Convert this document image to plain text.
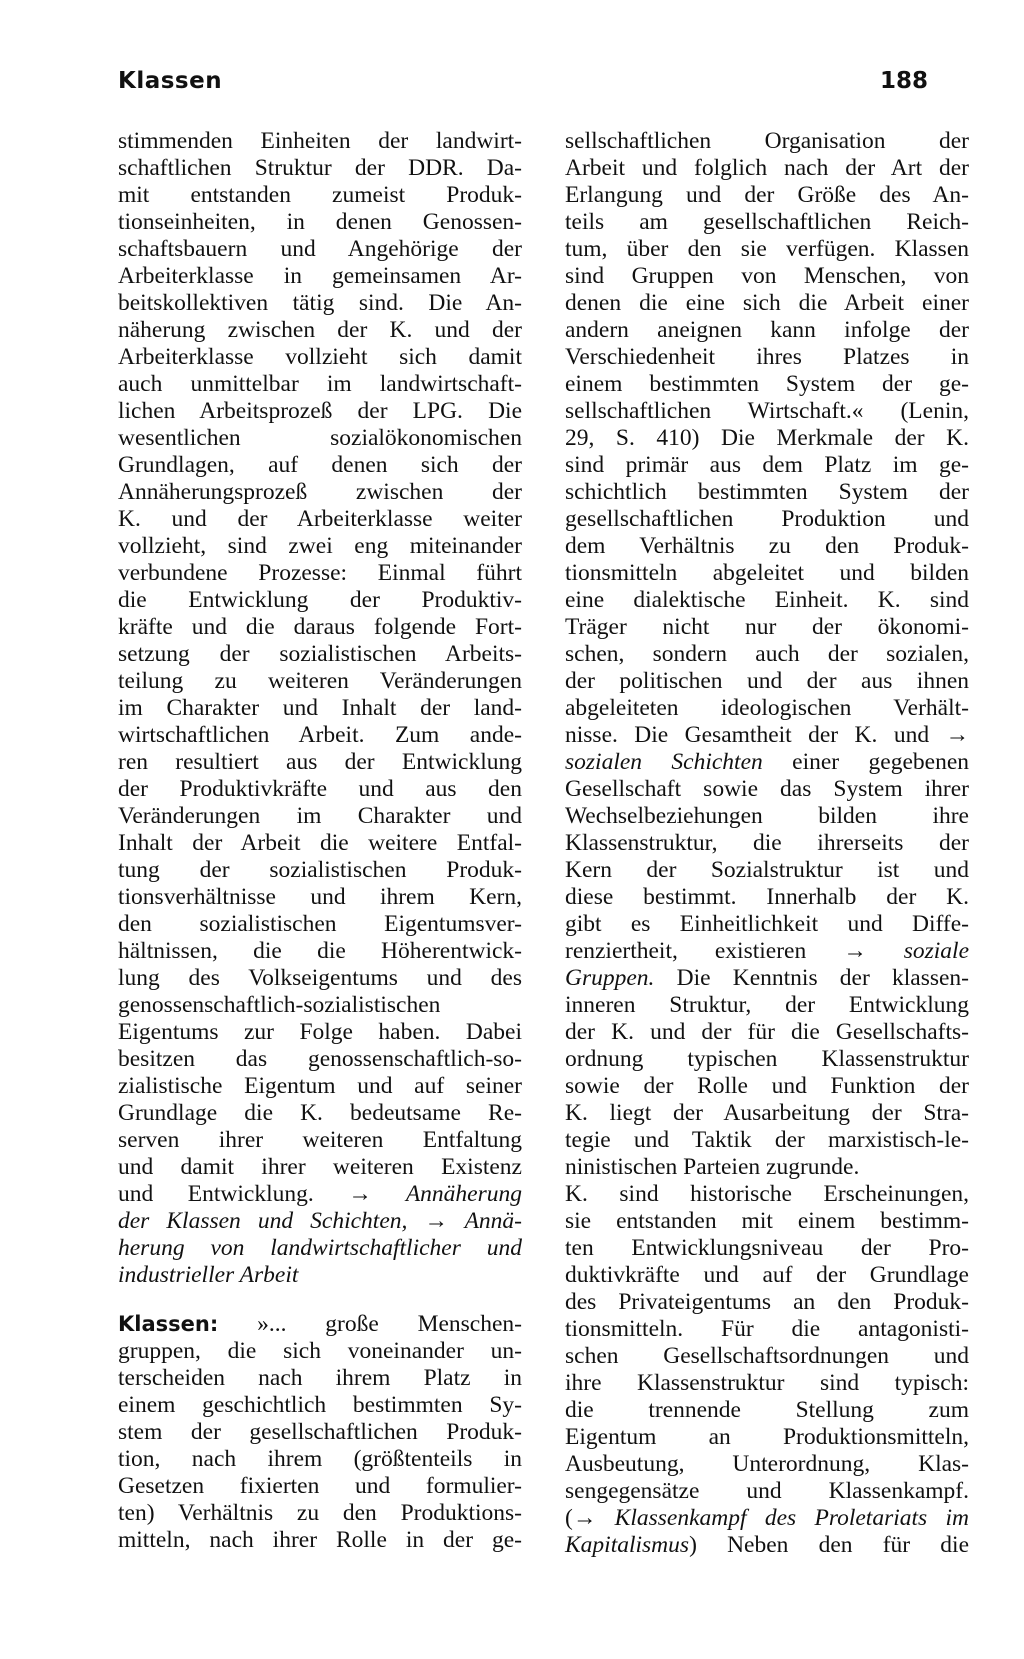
Klassen	188
stimmenden Einheiten der landwirt-
schaftlichen Struktur der DDR. Da-
mit entstanden zumeist Produk-
tionseinheiten, in denen Genossen-
schaftsbauern und Angehörige der
Arbeiterklasse in gemeinsamen Ar-
beitskollektiven tätig sind. Die An-
näherung zwischen der K. und der
Arbeiterklasse vollzieht sich damit
auch unmittelbar im landwirtschaft-
lichen Arbeitsprozeß der LPG. Die
wesentlichen sozialökonomischen
Grundlagen, auf denen sich der
Annäherungsprozeß zwischen der
K. und der Arbeiterklasse weiter
vollzieht, sind zwei eng miteinander
verbundene Prozesse: Einmal führt
die Entwicklung der Produktiv-
kräfte und die daraus folgende Fort-
setzung der sozialistischen Arbeits-
teilung zu weiteren Veränderungen
im Charakter und Inhalt der land-
wirtschaftlichen Arbeit. Zum ande-
ren resultiert aus der Entwicklung
der Produktivkräfte und aus den
Veränderungen im Charakter und
Inhalt der Arbeit die weitere Entfal-
tung der sozialistischen Produk-
tionsverhältnisse und ihrem Kern,
den sozialistischen Eigentumsver-
hältnissen, die die Höherentwick-
lung des Volkseigentums und des
genossenschaftlich-sozialistischen
Eigentums zur Folge haben. Dabei
besitzen das genossenschaftlich-so-
zialistische Eigentum und auf seiner
Grundlage die K. bedeutsame Re-
serven ihrer weiteren Entfaltung
und damit ihrer weiteren Existenz
und Entwicklung. → Annäherung
der Klassen und Schichten, → Annä-
herung von landwirtschaftlicher und
industrieller Arbeit
Klassen: »... große Menschen-
gruppen, die sich voneinander un-
terscheiden nach ihrem Platz in
einem geschichtlich bestimmten Sy-
stem der gesellschaftlichen Produk-
tion, nach ihrem (größtenteils in
Gesetzen fixierten und formulier-
ten) Verhältnis zu den Produktions-
mitteln, nach ihrer Rolle in der ge-
sellschaftlichen Organisation der
Arbeit und folglich nach der Art der
Erlangung und der Größe des An-
teils am gesellschaftlichen Reich-
tum, über den sie verfügen. Klassen
sind Gruppen von Menschen, von
denen die eine sich die Arbeit einer
andern aneignen kann infolge der
Verschiedenheit ihres Platzes in
einem bestimmten System der ge-
sellschaftlichen Wirtschaft.« (Lenin,
29, S. 410) Die Merkmale der K.
sind primär aus dem Platz im ge-
schichtlich bestimmten System der
gesellschaftlichen Produktion und
dem Verhältnis zu den Produk-
tionsmitteln abgeleitet und bilden
eine dialektische Einheit. K. sind
Träger nicht nur der ökonomi-
schen, sondern auch der sozialen,
der politischen und der aus ihnen
abgeleiteten ideologischen Verhält-
nisse. Die Gesamtheit der K. und →
sozialen Schichten einer gegebenen
Gesellschaft sowie das System ihrer
Wechselbeziehungen bilden ihre
Klassenstruktur, die ihrerseits der
Kern der Sozialstruktur ist und
diese bestimmt. Innerhalb der K.
gibt es Einheitlichkeit und Diffe-
renziertheit, existieren → soziale
Gruppen. Die Kenntnis der klassen-
inneren Struktur, der Entwicklung
der K. und der für die Gesellschafts-
ordnung typischen Klassenstruktur
sowie der Rolle und Funktion der
K. liegt der Ausarbeitung der Stra-
tegie und Taktik der marxistisch-le-
ninistischen Parteien zugrunde.
K. sind historische Erscheinungen,
sie entstanden mit einem bestimm-
ten Entwicklungsniveau der Pro-
duktivkräfte und auf der Grundlage
des Privateigentums an den Produk-
tionsmitteln. Für die antagonisti-
schen Gesellschaftsordnungen und
ihre Klassenstruktur sind typisch:
die trennende Stellung zum
Eigentum an Produktionsmitteln,
Ausbeutung, Unterordnung, Klas-
sengegensätze und Klassenkampf.
(→ Klassenkampf des Proletariats im
Kapitalismus) Neben den für die
